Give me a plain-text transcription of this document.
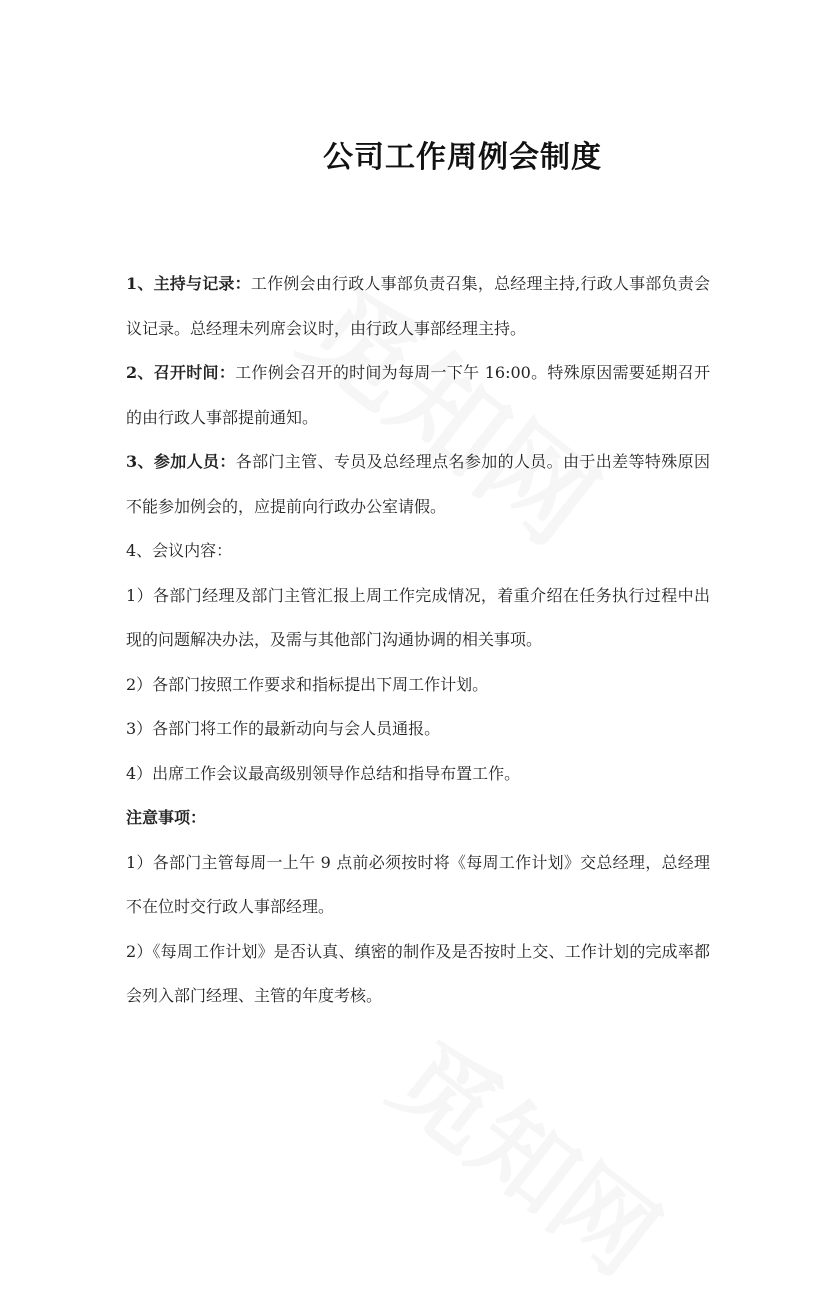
公司工作周例会制度

1、主持与记录：工作例会由行政人事部负责召集，总经理主持,行政人事部负责会议记录。总经理未列席会议时，由行政人事部经理主持。

2、召开时间：工作例会召开的时间为每周一下午 16:00。特殊原因需要延期召开的由行政人事部提前通知。

3、参加人员：各部门主管、专员及总经理点名参加的人员。由于出差等特殊原因不能参加例会的，应提前向行政办公室请假。

4、会议内容：

1）各部门经理及部门主管汇报上周工作完成情况，着重介绍在任务执行过程中出现的问题解决办法，及需与其他部门沟通协调的相关事项。

2）各部门按照工作要求和指标提出下周工作计划。

3）各部门将工作的最新动向与会人员通报。

4）出席工作会议最高级别领导作总结和指导布置工作。

注意事项：

1）各部门主管每周一上午 9 点前必须按时将《每周工作计划》交总经理，总经理不在位时交行政人事部经理。

2）《每周工作计划》是否认真、缜密的制作及是否按时上交、工作计划的完成率都会列入部门经理、主管的年度考核。
